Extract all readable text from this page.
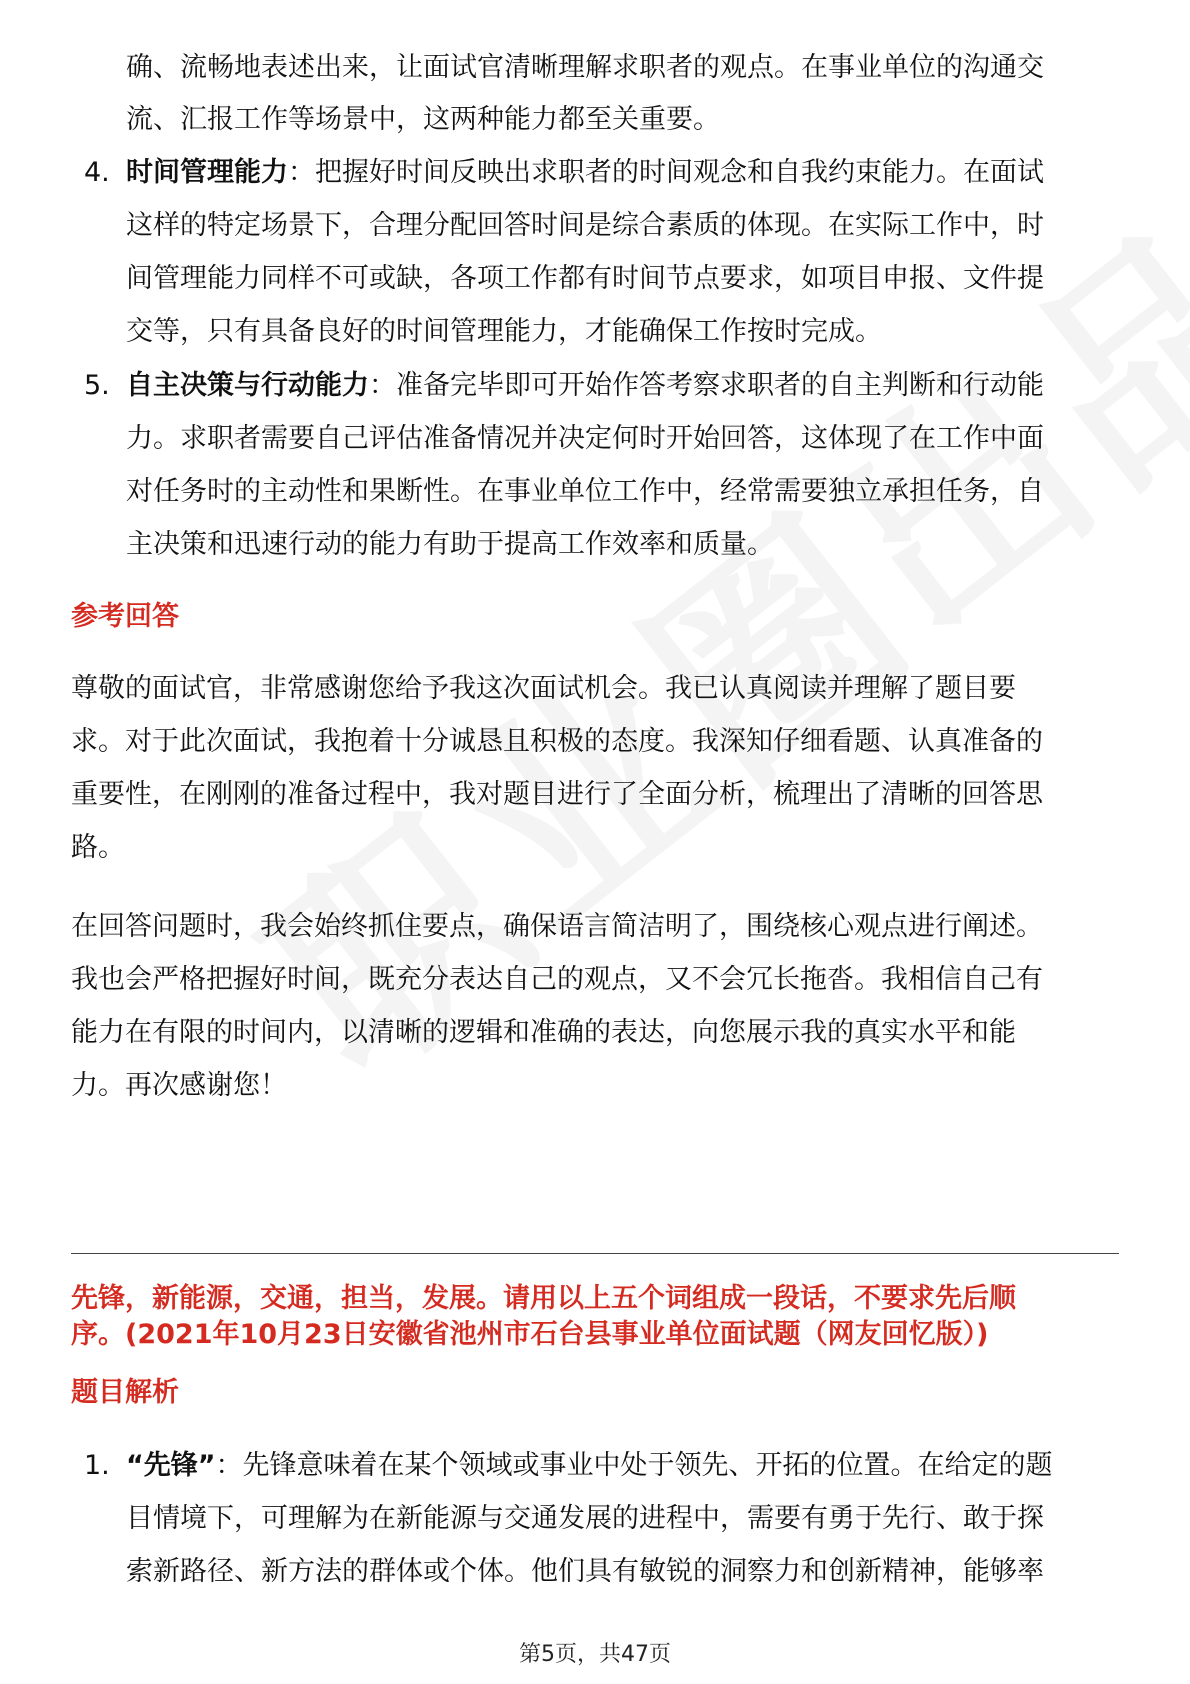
确、流畅地表述出来，让面试官清晰理解求职者的观点。在事业单位的沟通交
流、汇报工作等场景中，这两种能力都至关重要。
4. 时间管理能力：把握好时间反映出求职者的时间观念和自我约束能力。在面试
这样的特定场景下，合理分配回答时间是综合素质的体现。在实际工作中，时
间管理能力同样不可或缺，各项工作都有时间节点要求，如项目申报、文件提
交等，只有具备良好的时间管理能力，才能确保工作按时完成。
5. 自主决策与行动能力：准备完毕即可开始作答考察求职者的自主判断和行动能
力。求职者需要自己评估准备情况并决定何时开始回答，这体现了在工作中面
对任务时的主动性和果断性。在事业单位工作中，经常需要独立承担任务，自
主决策和迅速行动的能力有助于提高工作效率和质量。
参考回答
尊敬的面试官，非常感谢您给予我这次面试机会。我已认真阅读并理解了题目要
求。对于此次面试，我抱着十分诚恳且积极的态度。我深知仔细看题、认真准备的
重要性，在刚刚的准备过程中，我对题目进行了全面分析，梳理出了清晰的回答思
路。
在回答问题时，我会始终抓住要点，确保语言简洁明了，围绕核心观点进行阐述。
我也会严格把握好时间，既充分表达自己的观点，又不会冗长拖沓。我相信自己有
能力在有限的时间内，以清晰的逻辑和准确的表达，向您展示我的真实水平和能
力。再次感谢您！
先锋，新能源，交通，担当，发展。请用以上五个词组成一段话，不要求先后顺
序。(2021年10月23日安徽省池州市石台县事业单位面试题（网友回忆版）)
题目解析
1. “先锋”：先锋意味着在某个领域或事业中处于领先、开拓的位置。在给定的题
目情境下，可理解为在新能源与交通发展的进程中，需要有勇于先行、敢于探
索新路径、新方法的群体或个体。他们具有敏锐的洞察力和创新精神，能够率
第5页，共47页
